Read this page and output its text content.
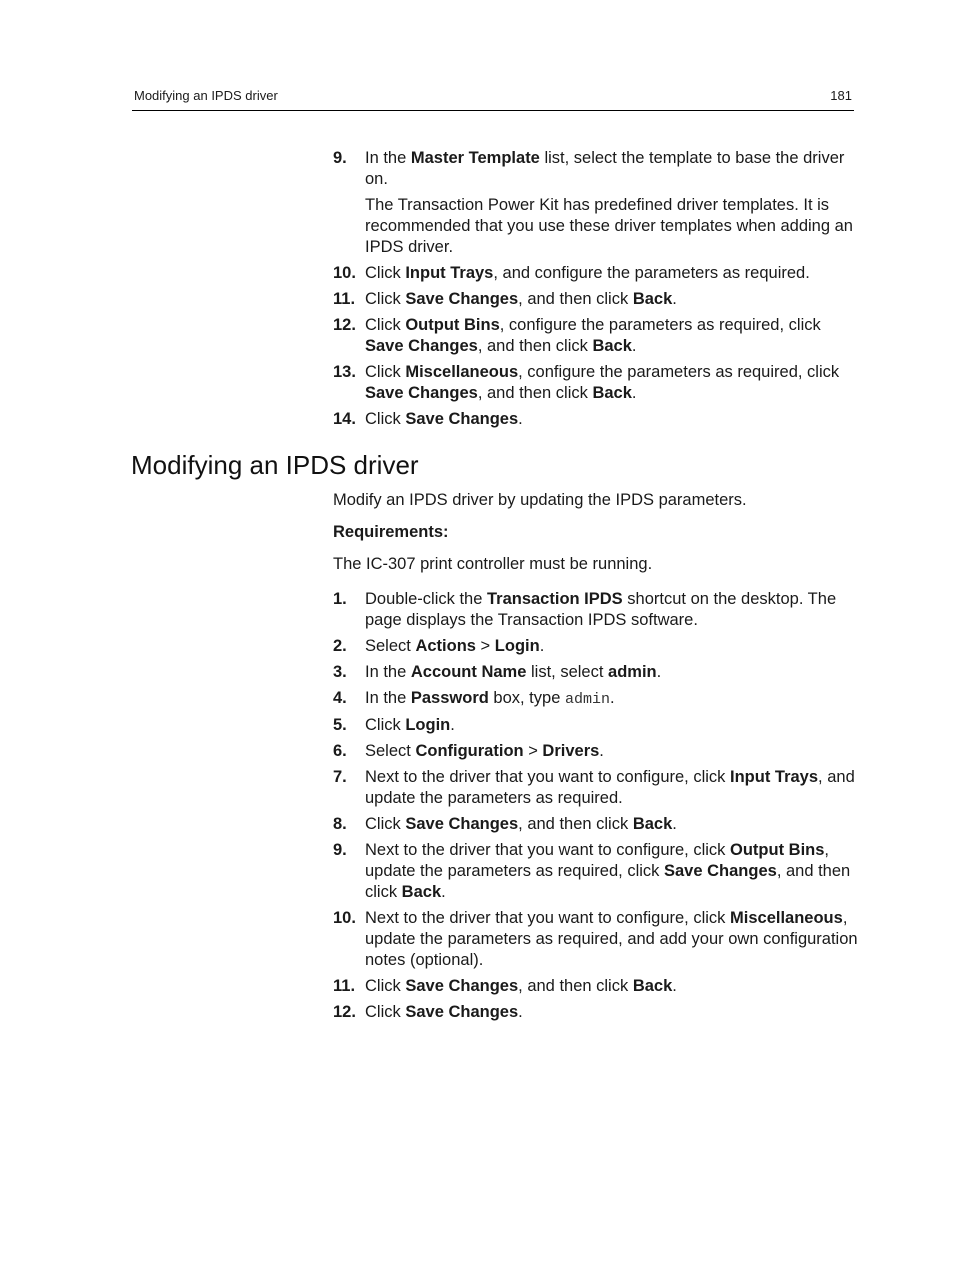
Modifying an IPDS driver	181
9. In the Master Template list, select the template to base the driver on.
The Transaction Power Kit has predefined driver templates. It is recommended that you use these driver templates when adding an IPDS driver.
10. Click Input Trays, and configure the parameters as required.
11. Click Save Changes, and then click Back.
12. Click Output Bins, configure the parameters as required, click Save Changes, and then click Back.
13. Click Miscellaneous, configure the parameters as required, click Save Changes, and then click Back.
14. Click Save Changes.
Modifying an IPDS driver

Modify an IPDS driver by updating the IPDS parameters.

Requirements:

The IC-307 print controller must be running.

1. Double-click the Transaction IPDS shortcut on the desktop. The page displays the Transaction IPDS software.
2. Select Actions > Login.
3. In the Account Name list, select admin.
4. In the Password box, type admin.
5. Click Login.
6. Select Configuration > Drivers.
7. Next to the driver that you want to configure, click Input Trays, and update the parameters as required.
8. Click Save Changes, and then click Back.
9. Next to the driver that you want to configure, click Output Bins, update the parameters as required, click Save Changes, and then click Back.
10. Next to the driver that you want to configure, click Miscellaneous, update the parameters as required, and add your own configuration notes (optional).
11. Click Save Changes, and then click Back.
12. Click Save Changes.
